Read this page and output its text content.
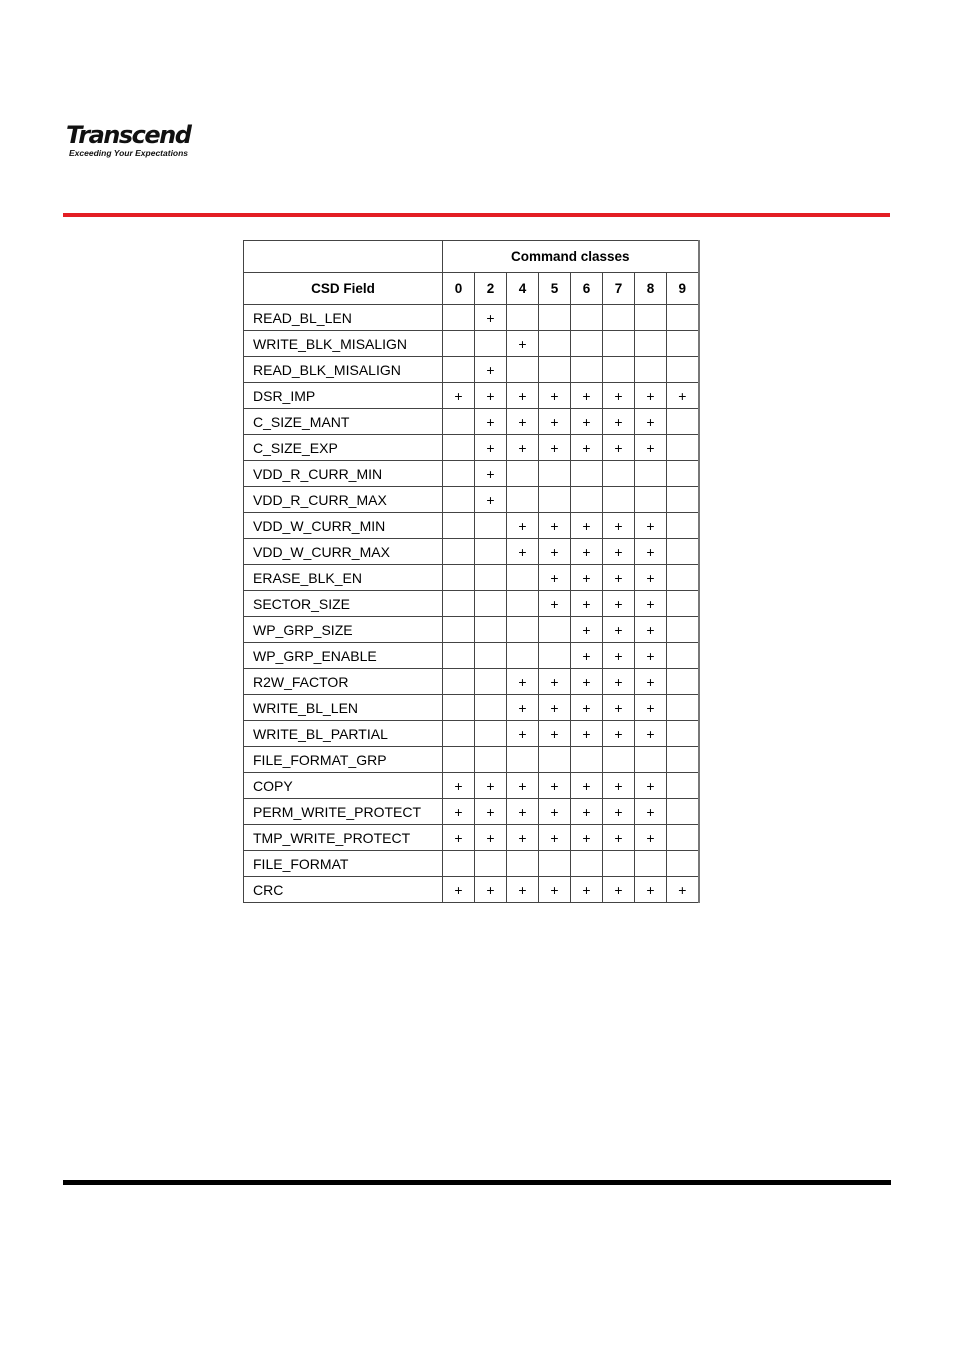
Transcend
Exceeding Your Expectations
	Command classes							
CSD Field	0	2	4	5	6	7	8	9
READ_BL_LEN		+						
WRITE_BLK_MISALIGN			+					
READ_BLK_MISALIGN		+						
DSR_IMP	+	+	+	+	+	+	+	+
C_SIZE_MANT		+	+	+	+	+	+	
C_SIZE_EXP		+	+	+	+	+	+	
VDD_R_CURR_MIN		+						
VDD_R_CURR_MAX		+						
VDD_W_CURR_MIN			+	+	+	+	+	
VDD_W_CURR_MAX			+	+	+	+	+	
ERASE_BLK_EN				+	+	+	+	
SECTOR_SIZE				+	+	+	+	
WP_GRP_SIZE					+	+	+	
WP_GRP_ENABLE					+	+	+	
R2W_FACTOR			+	+	+	+	+	
WRITE_BL_LEN			+	+	+	+	+	
WRITE_BL_PARTIAL			+	+	+	+	+	
FILE_FORMAT_GRP								
COPY	+	+	+	+	+	+	+	
PERM_WRITE_PROTECT	+	+	+	+	+	+	+	
TMP_WRITE_PROTECT	+	+	+	+	+	+	+	
FILE_FORMAT								
CRC	+	+	+	+	+	+	+	+
